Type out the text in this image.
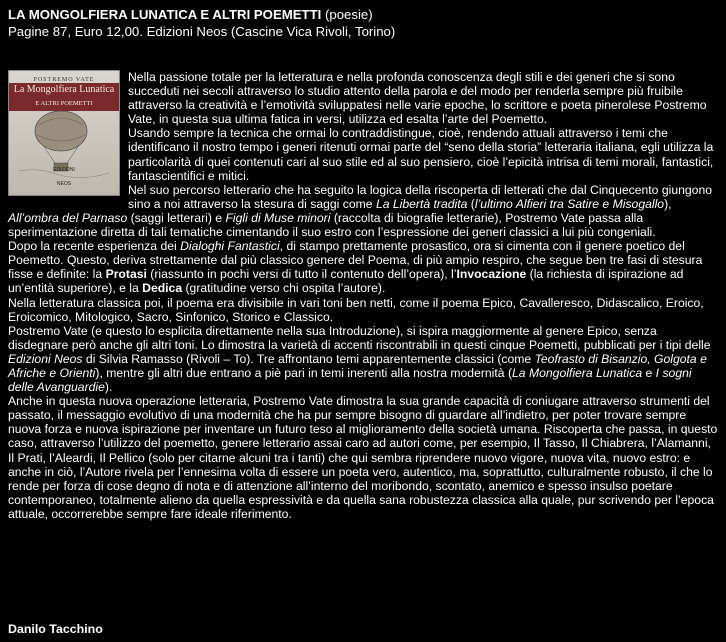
LA MONGOLFIERA LUNATICA E ALTRI POEMETTI (poesie)
Pagine 87, Euro 12,00. Edizioni Neos (Cascine Vica Rivoli, Torino)
POSTREMO VATE
La Mongolfiera Lunatica
E ALTRI POEMETTI
EDIZIONI NEOS

Nella passione totale per la letteratura e nella profonda conoscenza degli stili e dei generi che si sono succeduti nei secoli attraverso lo studio attento della parola e del modo per renderla sempre più fruibile attraverso la creatività e l’emotività sviluppatesi nelle varie epoche, lo scrittore e poeta pinerolese Postremo Vate, in questa sua ultima fatica in versi, utilizza ed esalta l’arte del Poemetto.

Usando sempre la tecnica che ormai lo contraddistingue, cioè, rendendo attuali attraverso i temi che identificano il nostro tempo i generi ritenuti ormai parte del “seno della storia” letteraria italiana, egli utilizza la particolarità di quei contenuti cari al suo stile ed al suo pensiero, cioè l’epicità intrisa di temi morali, fantastici, fantascientifici e mitici.

Nel suo percorso letterario che ha seguito la logica della riscoperta di letterati che dal Cinquecento giungono sino a noi attraverso la stesura di saggi come La Libertà tradita (l’ultimo Alfieri tra Satire e Misogallo), All’ombra del Parnaso (saggi letterari) e Figli di Muse minori (raccolta di biografie letterarie), Postremo Vate passa alla sperimentazione diretta di tali tematiche cimentando il suo estro con l’espressione dei generi classici a lui più congeniali.

Dopo la recente esperienza dei Dialoghi Fantastici, di stampo prettamente prosastico, ora si cimenta con il genere poetico del Poemetto. Questo, deriva strettamente dal più classico genere del Poema, di più ampio respiro, che segue ben tre fasi di stesura fisse e definite: la Protasi (riassunto in pochi versi di tutto il contenuto dell’opera), l’Invocazione (la richiesta di ispirazione ad un’entità superiore), e la Dedica (gratitudine verso chi ospita l’autore).

Nella letteratura classica poi, il poema era divisibile in vari toni ben netti, come il poema Epico, Cavalleresco, Didascalico, Eroico, Eroicomico, Mitologico, Sacro, Sinfonico, Storico e Classico.

Postremo Vate (e questo lo esplicita direttamente nella sua Introduzione), si ispira maggiormente al genere Epico, senza disdegnare però anche gli altri toni. Lo dimostra la varietà di accenti riscontrabili in questi cinque Poemetti, pubblicati per i tipi delle Edizioni Neos di Silvia Ramasso (Rivoli – To). Tre affrontano temi apparentemente classici (come Teofrasto di Bisanzio, Golgota e Afriche e Orienti), mentre gli altri due entrano a piè pari in temi inerenti alla nostra modernità (La Mongolfiera Lunatica e I sogni delle Avanguardie).

Anche in questa nuova operazione letteraria, Postremo Vate dimostra la sua grande capacità di coniugare attraverso strumenti del passato, il messaggio evolutivo di una modernità che ha pur sempre bisogno di guardare all’indietro, per poter trovare sempre nuova forza e nuova ispirazione per inventare un futuro teso al miglioramento della società umana. Riscoperta che passa, in questo caso, attraverso l’utilizzo del poemetto, genere letterario assai caro ad autori come, per esempio, Il Tasso, Il Chiabrera, l’Alamanni, Il Prati, l’Aleardi, Il Pellico (solo per citarne alcuni tra i tanti) che qui sembra riprendere nuovo vigore, nuova vita, nuovo estro: e anche in ciò, l’Autore rivela per l’ennesima volta di essere un poeta vero, autentico, ma, soprattutto, culturalmente robusto, il che lo rende per forza di cose degno di nota e di attenzione all’interno del moribondo, scontato, anemico e spesso insulso poetare contemporaneo, totalmente alieno da quella espressività e da quella sana robustezza classica alla quale, pur scrivendo per l’epoca attuale, occorrerebbe sempre fare ideale riferimento.

Danilo Tacchino
